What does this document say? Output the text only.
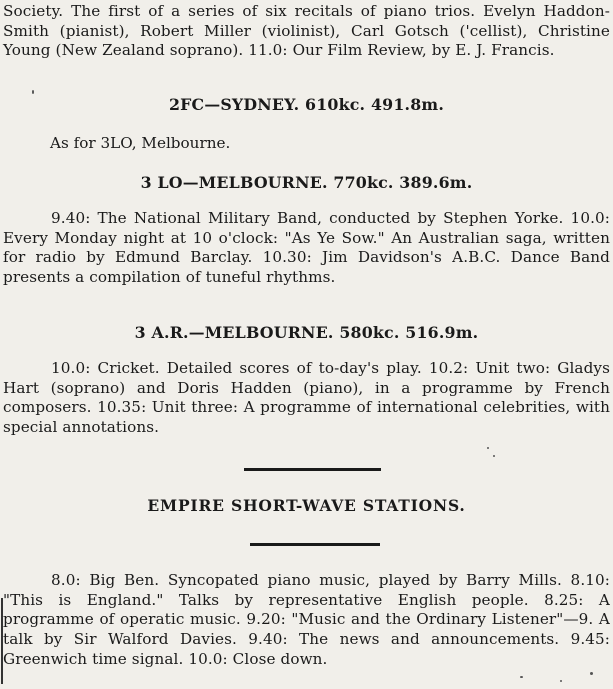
Society. The first of a series of six recitals of piano trios. Evelyn Haddon-Smith (pianist), Robert Miller (violinist), Carl Gotsch ('cellist), Christine Young (New Zealand soprano). 11.0: Our Film Review, by E. J. Francis.

2FC—SYDNEY. 610kc. 491.8m.

As for 3LO, Melbourne.

3 LO—MELBOURNE. 770kc. 389.6m.

9.40: The National Military Band, conducted by Stephen Yorke. 10.0: Every Monday night at 10 o'clock: "As Ye Sow." An Australian saga, written for radio by Edmund Barclay. 10.30: Jim Davidson's A.B.C. Dance Band presents a compilation of tuneful rhythms.

3 A.R.—MELBOURNE. 580kc. 516.9m.

10.0: Cricket. Detailed scores of to-day's play. 10.2: Unit two: Gladys Hart (soprano) and Doris Hadden (piano), in a programme by French composers. 10.35: Unit three: A programme of international celebrities, with special annotations.

EMPIRE SHORT-WAVE STATIONS.

8.0: Big Ben. Syncopated piano music, played by Barry Mills. 8.10: "This is England." Talks by representative English people. 8.25: A programme of operatic music. 9.20: "Music and the Ordinary Listener"—9. A talk by Sir Walford Davies. 9.40: The news and announcements. 9.45: Greenwich time signal. 10.0: Close down.
